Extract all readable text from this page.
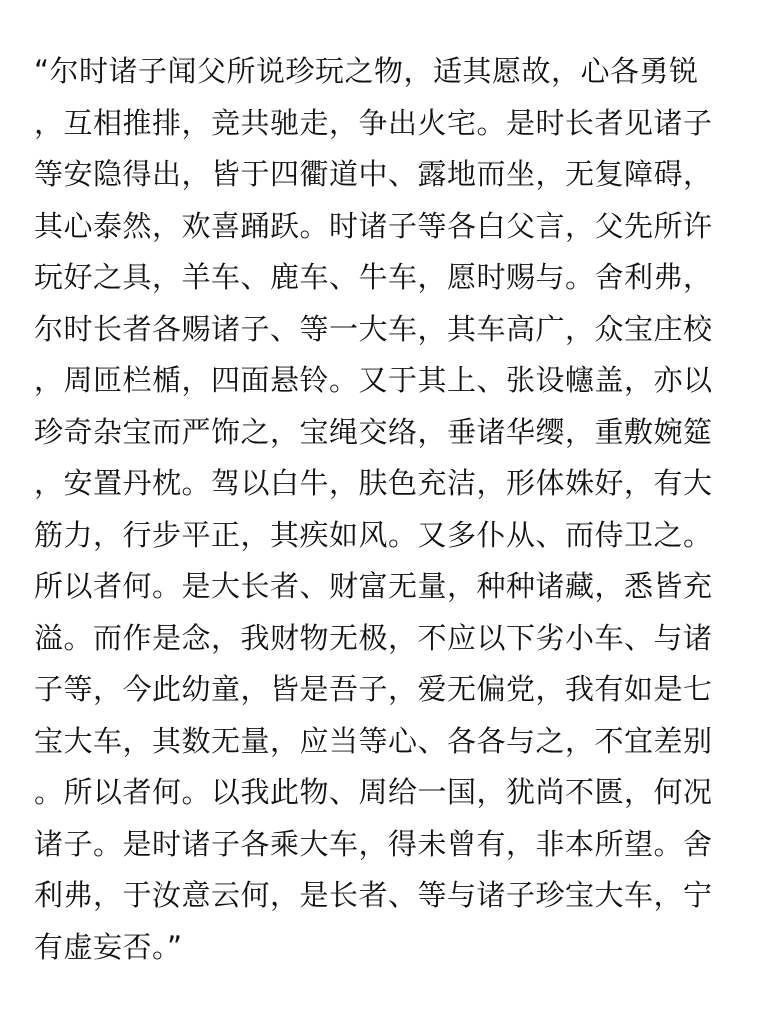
“尔时诸子闻父所说珍玩之物，适其愿故，心各勇锐
，互相推排，竞共驰走，争出火宅。是时长者见诸子
等安隐得出，皆于四衢道中、露地而坐，无复障碍，
其心泰然，欢喜踊跃。时诸子等各白父言，父先所许
玩好之具，羊车、鹿车、牛车，愿时赐与。舍利弗，
尔时长者各赐诸子、等一大车，其车高广，众宝庄校
，周匝栏楯，四面悬铃。又于其上、张设幰盖，亦以
珍奇杂宝而严饰之，宝绳交络，垂诸华缨，重敷婉筵
，安置丹枕。驾以白牛，肤色充洁，形体姝好，有大
筋力，行步平正，其疾如风。又多仆从、而侍卫之。
所以者何。是大长者、财富无量，种种诸藏，悉皆充
溢。而作是念，我财物无极，不应以下劣小车、与诸
子等，今此幼童，皆是吾子，爱无偏党，我有如是七
宝大车，其数无量，应当等心、各各与之，不宜差别
。所以者何。以我此物、周给一国，犹尚不匮，何况
诸子。是时诸子各乘大车，得未曾有，非本所望。舍
利弗，于汝意云何，是长者、等与诸子珍宝大车，宁
有虚妄否。”
